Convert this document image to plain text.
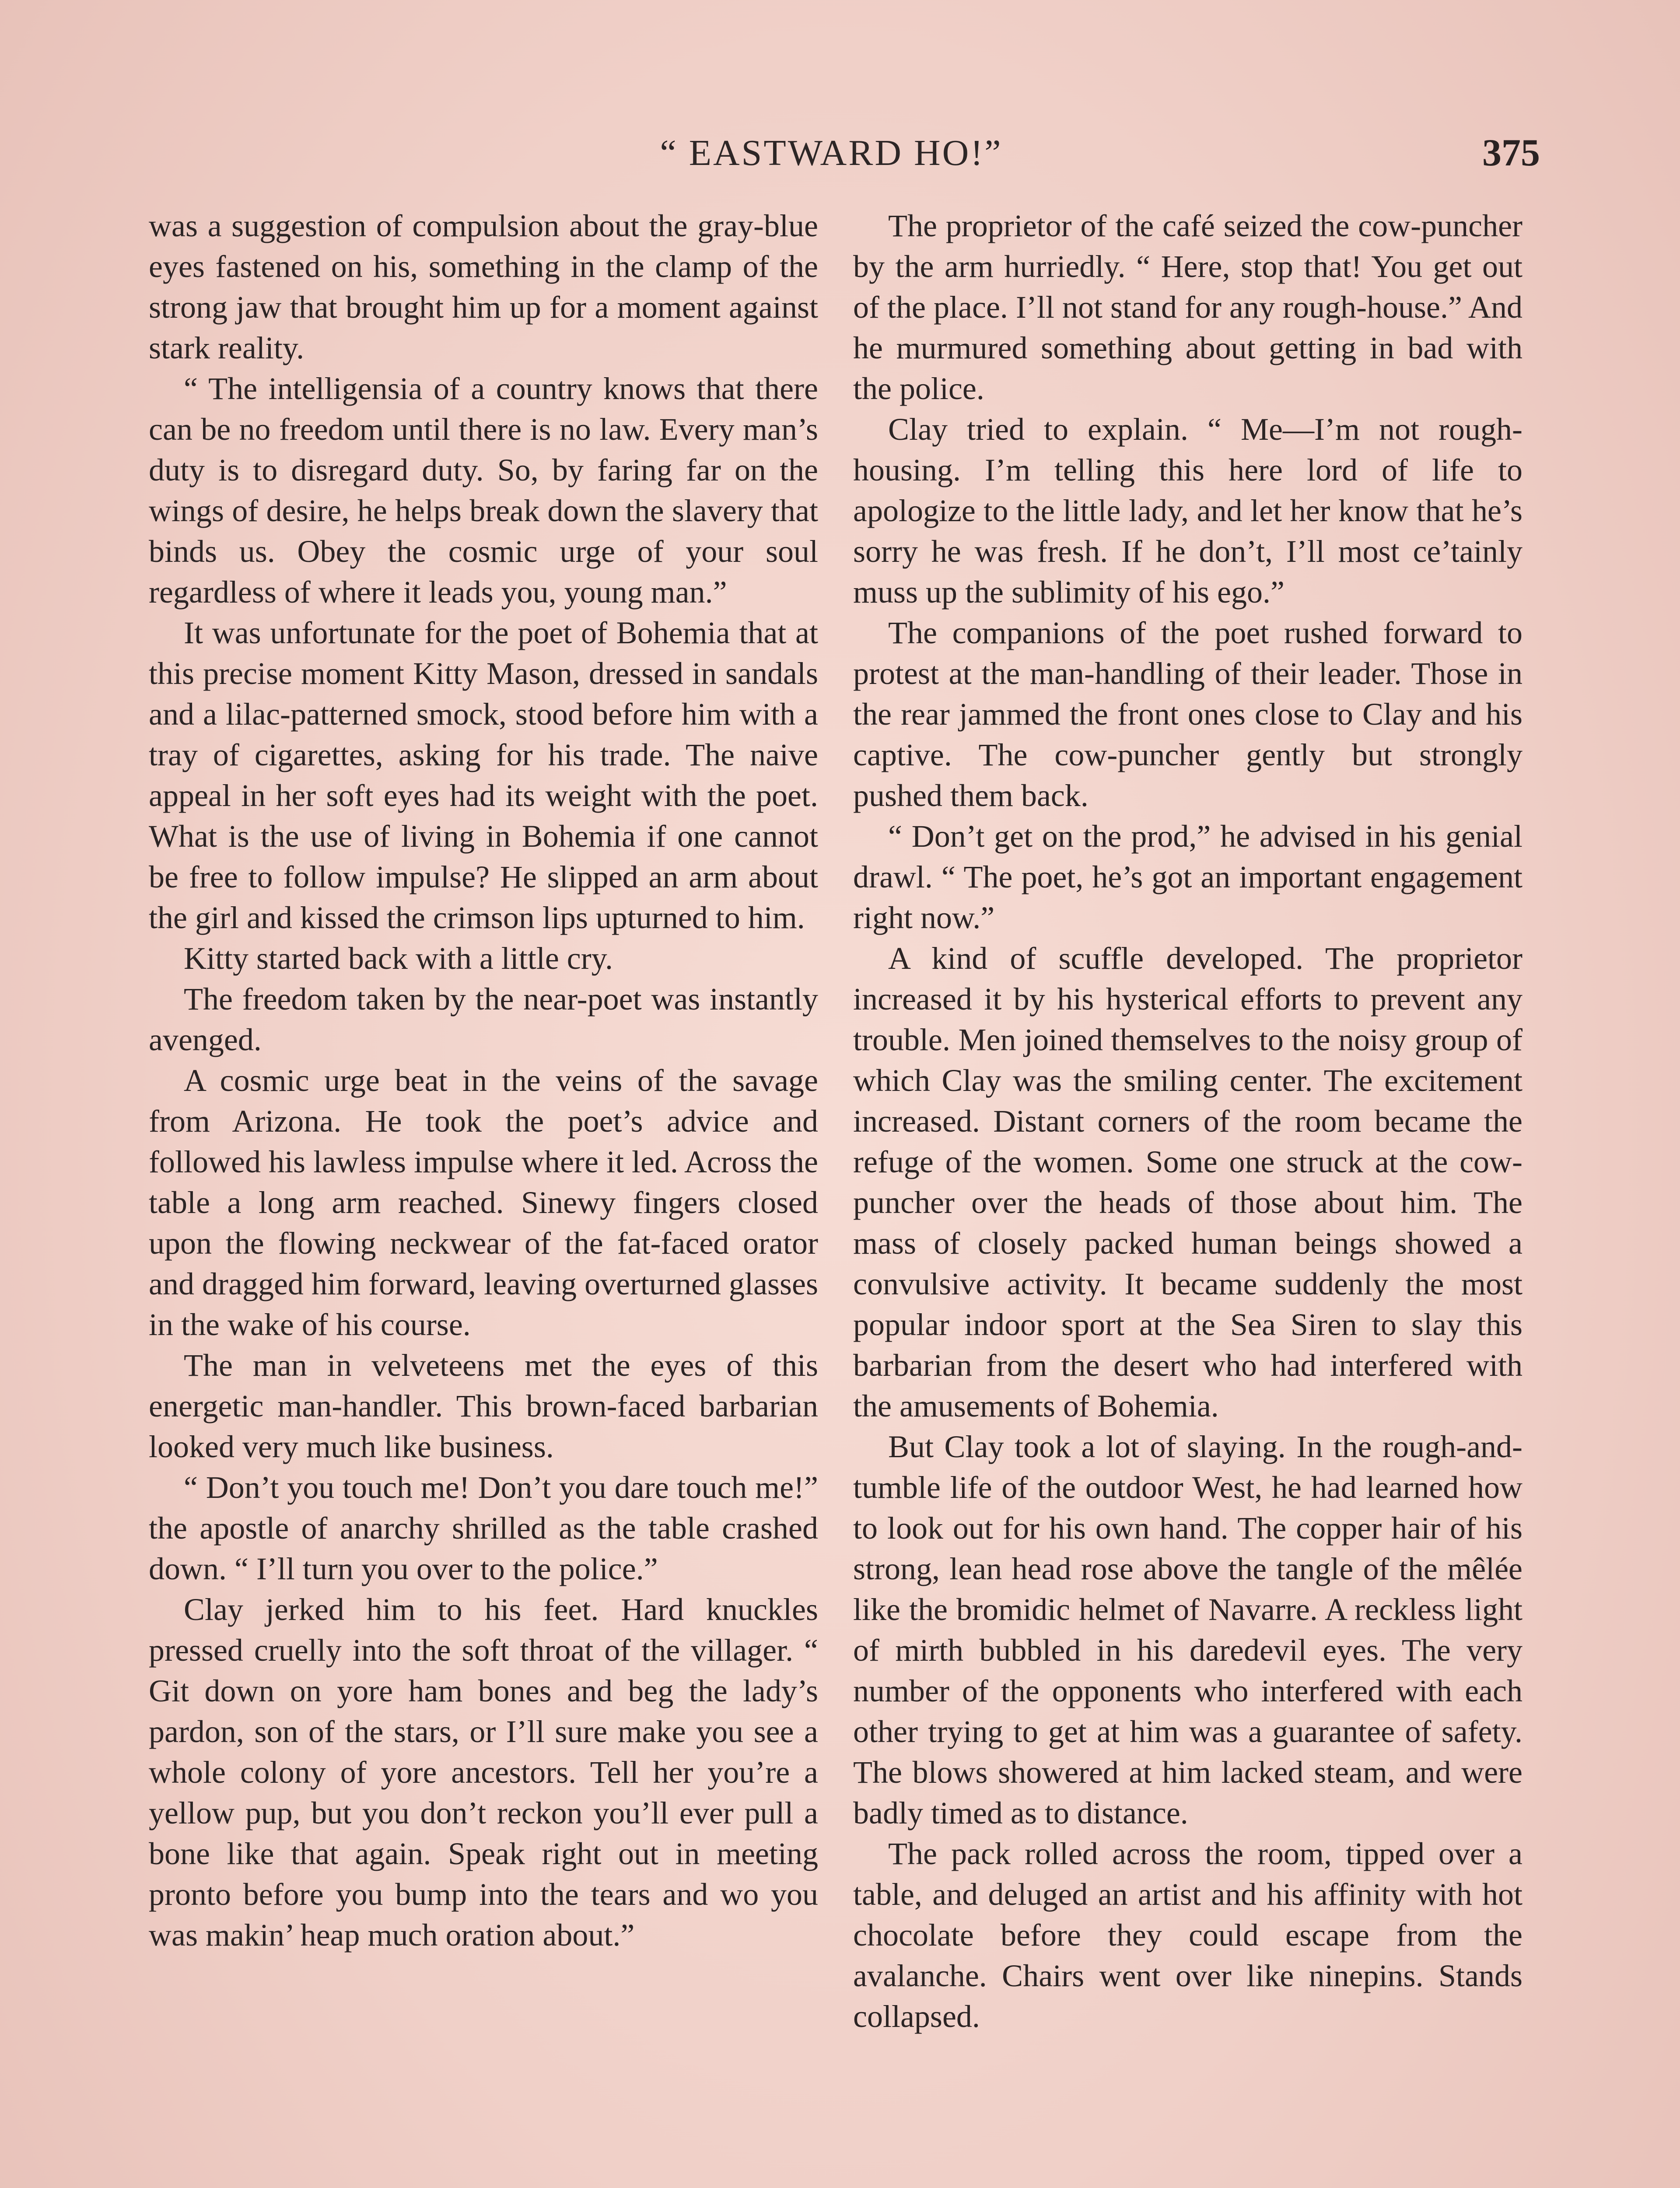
“ EASTWARD HO!”	375

was a suggestion of compulsion about the gray-blue eyes fastened on his, something in the clamp of the strong jaw that brought him up for a moment against stark reality.

“ The intelligensia of a country knows that there can be no freedom until there is no law. Every man’s duty is to disregard duty. So, by faring far on the wings of desire, he helps break down the slavery that binds us. Obey the cosmic urge of your soul regardless of where it leads you, young man.”

It was unfortunate for the poet of Bohemia that at this precise moment Kitty Mason, dressed in sandals and a lilac-patterned smock, stood before him with a tray of cigarettes, asking for his trade. The naive appeal in her soft eyes had its weight with the poet. What is the use of living in Bohemia if one cannot be free to follow impulse? He slipped an arm about the girl and kissed the crimson lips upturned to him.

Kitty started back with a little cry.

The freedom taken by the near-poet was instantly avenged.

A cosmic urge beat in the veins of the savage from Arizona. He took the poet’s advice and followed his lawless impulse where it led. Across the table a long arm reached. Sinewy fingers closed upon the flowing neckwear of the fat-faced orator and dragged him forward, leaving overturned glasses in the wake of his course.

The man in velveteens met the eyes of this energetic man-handler. This brown-faced barbarian looked very much like business.

“ Don’t you touch me! Don’t you dare touch me!” the apostle of anarchy shrilled as the table crashed down. “ I’ll turn you over to the police.”

Clay jerked him to his feet. Hard knuckles pressed cruelly into the soft throat of the villager. “ Git down on yore ham bones and beg the lady’s pardon, son of the stars, or I’ll sure make you see a whole colony of yore ancestors. Tell her you’re a yellow pup, but you don’t reckon you’ll ever pull a bone like that again. Speak right out in meeting pronto before you bump into the tears and wo you was makin’ heap much oration about.”

The proprietor of the café seized the cow-puncher by the arm hurriedly. “ Here, stop that! You get out of the place. I’ll not stand for any rough-house.” And he murmured something about getting in bad with the police.

Clay tried to explain. “ Me—I’m not rough-housing. I’m telling this here lord of life to apologize to the little lady, and let her know that he’s sorry he was fresh. If he don’t, I’ll most ce’tainly muss up the sublimity of his ego.”

The companions of the poet rushed forward to protest at the man-handling of their leader. Those in the rear jammed the front ones close to Clay and his captive. The cow-puncher gently but strongly pushed them back.

“ Don’t get on the prod,” he advised in his genial drawl. “ The poet, he’s got an important engagement right now.”

A kind of scuffle developed. The proprietor increased it by his hysterical efforts to prevent any trouble. Men joined themselves to the noisy group of which Clay was the smiling center. The excitement increased. Distant corners of the room became the refuge of the women. Some one struck at the cow-puncher over the heads of those about him. The mass of closely packed human beings showed a convulsive activity. It became suddenly the most popular indoor sport at the Sea Siren to slay this barbarian from the desert who had interfered with the amusements of Bohemia.

But Clay took a lot of slaying. In the rough-and-tumble life of the outdoor West, he had learned how to look out for his own hand. The copper hair of his strong, lean head rose above the tangle of the mêlée like the bromidic helmet of Navarre. A reckless light of mirth bubbled in his daredevil eyes. The very number of the opponents who interfered with each other trying to get at him was a guarantee of safety. The blows showered at him lacked steam, and were badly timed as to distance.

The pack rolled across the room, tipped over a table, and deluged an artist and his affinity with hot chocolate before they could escape from the avalanche. Chairs went over like ninepins. Stands collapsed.
